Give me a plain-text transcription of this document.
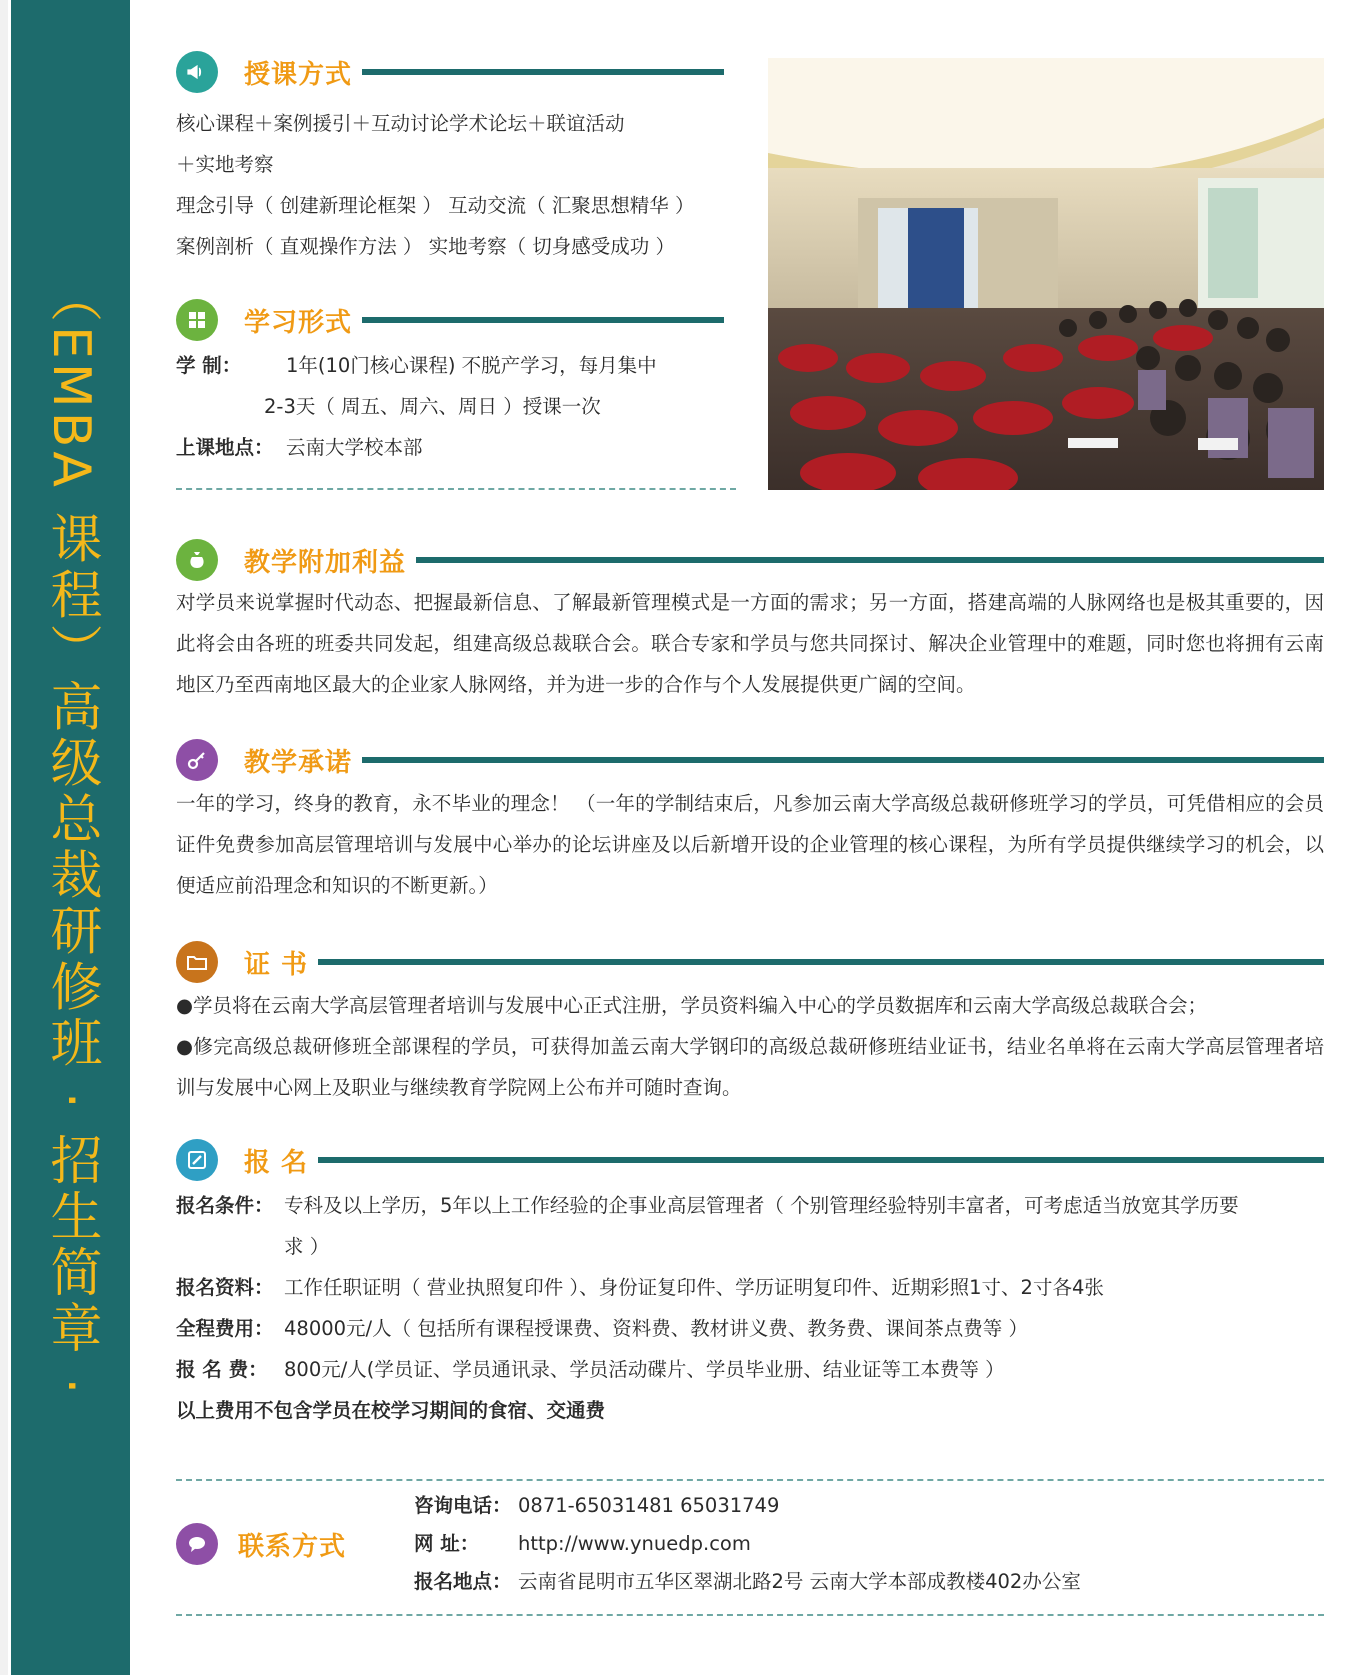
（EMBA 课程）高级总裁研修班 · 招生简章 ·
授课方式
核心课程＋案例援引＋互动讨论学术论坛＋联谊活动
＋实地考察
理念引导（ 创建新理论框架 ） 互动交流（ 汇聚思想精华 ）
案例剖析（ 直观操作方法 ） 实地考察（ 切身感受成功 ）
学习形式
学 制： 1年(10门核心课程) 不脱产学习，每月集中
2-3天（ 周五、周六、周日 ）授课一次
上课地点： 云南大学校本部
教学附加利益
对学员来说掌握时代动态、把握最新信息、了解最新管理模式是一方面的需求；另一方面，搭建高端的人脉网络也是极其重要的，因此将会由各班的班委共同发起，组建高级总裁联合会。联合专家和学员与您共同探讨、解决企业管理中的难题，同时您也将拥有云南地区乃至西南地区最大的企业家人脉网络，并为进一步的合作与个人发展提供更广阔的空间。
教学承诺
一年的学习，终身的教育，永不毕业的理念！ （一年的学制结束后，凡参加云南大学高级总裁研修班学习的学员，可凭借相应的会员证件免费参加高层管理培训与发展中心举办的论坛讲座及以后新增开设的企业管理的核心课程，为所有学员提供继续学习的机会，以便适应前沿理念和知识的不断更新。）
证 书
●学员将在云南大学高层管理者培训与发展中心正式注册，学员资料编入中心的学员数据库和云南大学高级总裁联合会；
●修完高级总裁研修班全部课程的学员，可获得加盖云南大学钢印的高级总裁研修班结业证书，结业名单将在云南大学高层管理者培训与发展中心网上及职业与继续教育学院网上公布并可随时查询。
报 名
报名条件： 专科及以上学历，5年以上工作经验的企事业高层管理者（ 个别管理经验特别丰富者，可考虑适当放宽其学历要
求 ）
报名资料： 工作任职证明（ 营业执照复印件 ）、身份证复印件、学历证明复印件、近期彩照1寸、2寸各4张
全程费用： 48000元/人（ 包括所有课程授课费、资料费、教材讲义费、教务费、课间茶点费等 ）
报 名 费： 800元/人(学员证、学员通讯录、学员活动碟片、学员毕业册、结业证等工本费等 ）
以上费用不包含学员在校学习期间的食宿、交通费
联系方式
咨询电话： 0871-65031481 65031749
网 址： http://www.ynuedp.com
报名地点： 云南省昆明市五华区翠湖北路2号 云南大学本部成教楼402办公室
